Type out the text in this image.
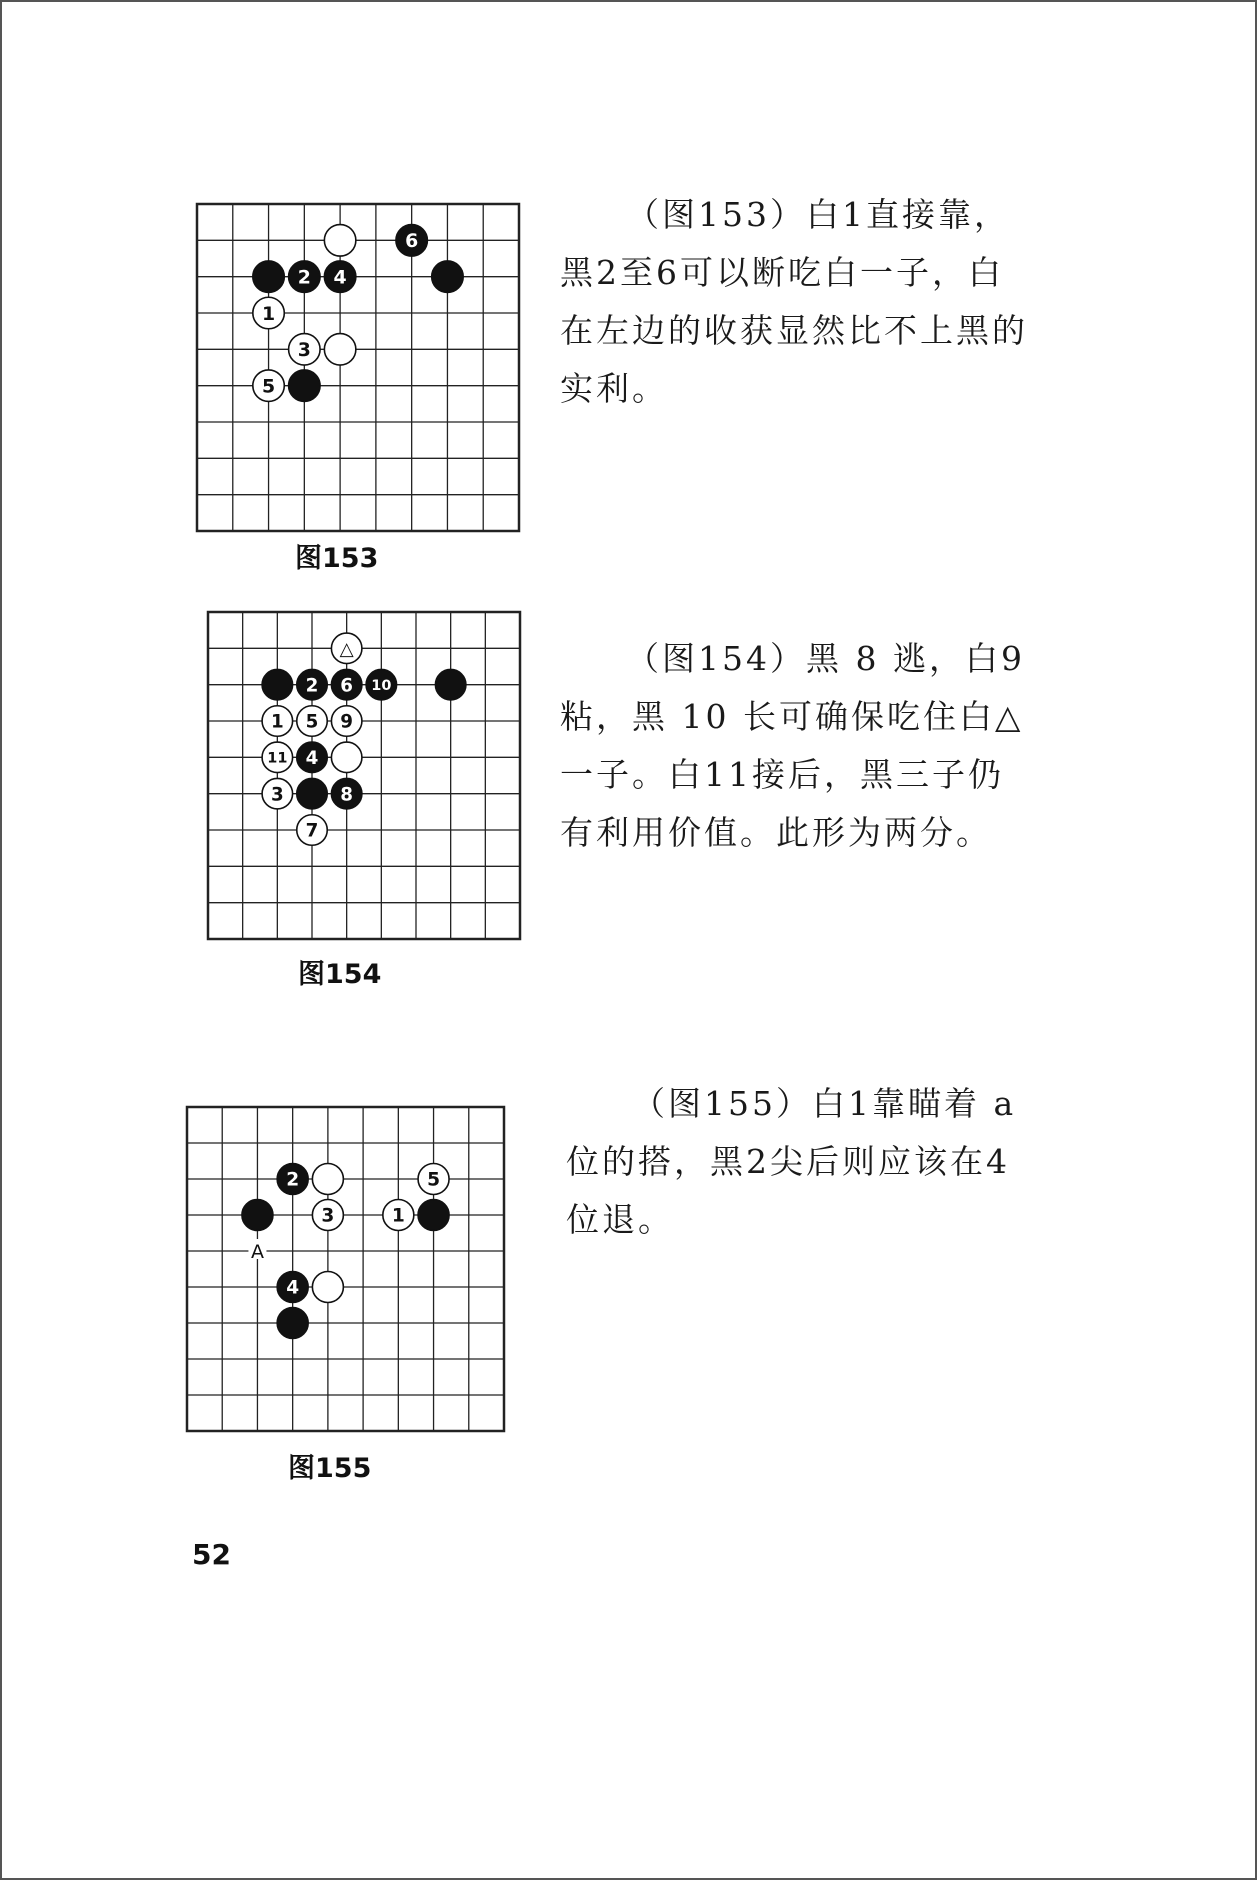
6
2 4
1
3
5
图153

（图153）白1直接靠，黑2至6可以断吃白一子，白在左边的收获显然比不上黑的实利。

△
2 6 10
1 5 9
11 4
3	8
7
图154

（图154）黑 8 逃，白9粘，黑 10 长可确保吃住白△一子。白11接后，黑三子仍有利用价值。此形为两分。

2	5
3	1
4
A
图155

（图155）白1靠瞄着 a 位的搭，黑2尖后则应该在4位退。

52
